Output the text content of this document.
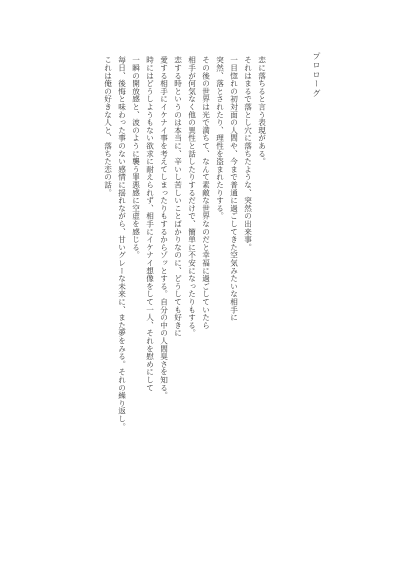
プロローグ
恋に落ちると言う表現がある。
それはまるで落とし穴に落ちたような、突然の出来事。
一目惚れの初対面の人間や、今まで普通に過ごしてきた空気みたいな相手に
突然、落とされたり、理性を盗まれたりする。
その後の世界は光で満ちて、なんて素敵な世界なのだと幸福に過ごしていたら
相手が何気なく他の異性と話したりするだけで、簡単に不安になったりもする。
恋する時というのは本当に、辛いし苦しいことばかりなのに、どうしても好きに
愛する相手にイケナイ事を考えてしまったりもするからゾッとする。自分の中の人間臭さを知る。
時にはどうしようもない欲求に耐えられず、相手にイケナイ想像をして一人、それを慰めにして
一瞬の開放感と、波のように襲う罪悪感に空虚を感じる。
毎日、後悔と味わった事のない感情に揺れながら、甘いグレーな未来に、また夢をみる。それの繰り返し。
これは俺の好きな人と、落ちた恋の話。
